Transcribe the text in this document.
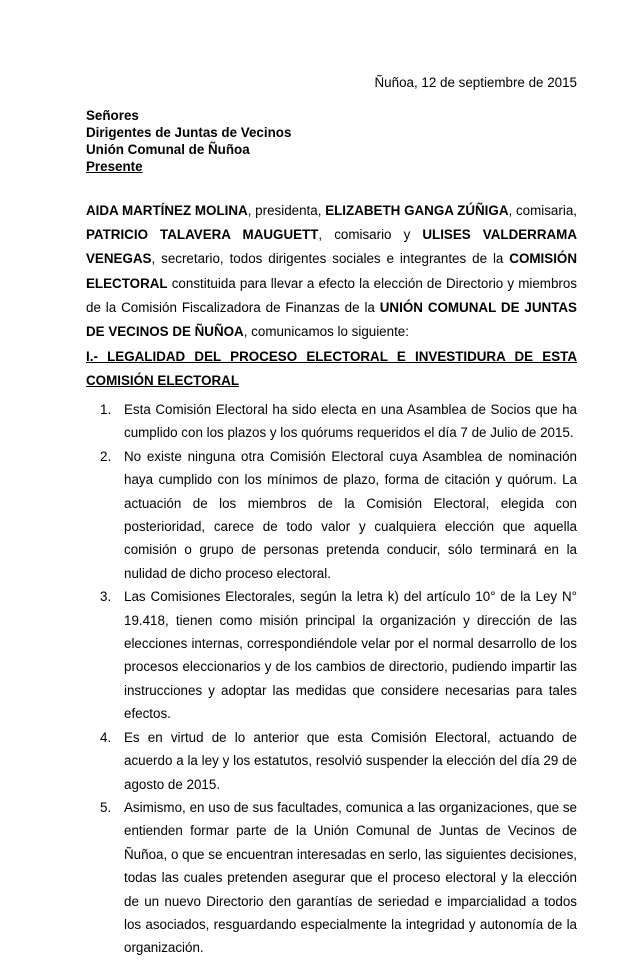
Ñuñoa, 12 de septiembre de 2015
Señores
Dirigentes de Juntas de Vecinos
Unión Comunal de Ñuñoa
Presente
AIDA MARTÍNEZ MOLINA, presidenta, ELIZABETH GANGA ZÚÑIGA, comisaria, PATRICIO TALAVERA MAUGUETT, comisario y ULISES VALDERRAMA VENEGAS, secretario, todos dirigentes sociales e integrantes de la COMISIÓN ELECTORAL constituida para llevar a efecto la elección de Directorio y miembros de la Comisión Fiscalizadora de Finanzas de la UNIÓN COMUNAL DE JUNTAS DE VECINOS DE ÑUÑOA, comunicamos lo siguiente:
I.- LEGALIDAD DEL PROCESO ELECTORAL E INVESTIDURA DE ESTA
COMISIÓN ELECTORAL
1. Esta Comisión Electoral ha sido electa en una Asamblea de Socios que ha cumplido con los plazos y los quórums requeridos el día 7 de Julio de 2015.
2. No existe ninguna otra Comisión Electoral cuya Asamblea de nominación haya cumplido con los mínimos de plazo, forma de citación y quórum. La actuación de los miembros de la Comisión Electoral, elegida con posterioridad, carece de todo valor y cualquiera elección que aquella comisión o grupo de personas pretenda conducir, sólo terminará en la nulidad de dicho proceso electoral.
3. Las Comisiones Electorales, según la letra k) del artículo 10° de la Ley N° 19.418, tienen como misión principal la organización y dirección de las elecciones internas, correspondiéndole velar por el normal desarrollo de los procesos eleccionarios y de los cambios de directorio, pudiendo impartir las instrucciones y adoptar las medidas que considere necesarias para tales efectos.
4. Es en virtud de lo anterior que esta Comisión Electoral, actuando de acuerdo a la ley y los estatutos, resolvió suspender la elección del día 29 de agosto de 2015.
5. Asimismo, en uso de sus facultades, comunica a las organizaciones, que se entienden formar parte de la Unión Comunal de Juntas de Vecinos de Ñuñoa, o que se encuentran interesadas en serlo, las siguientes decisiones, todas las cuales pretenden asegurar que el proceso electoral y la elección de un nuevo Directorio den garantías de seriedad e imparcialidad a todos los asociados, resguardando especialmente la integridad y autonomía de la organización.
